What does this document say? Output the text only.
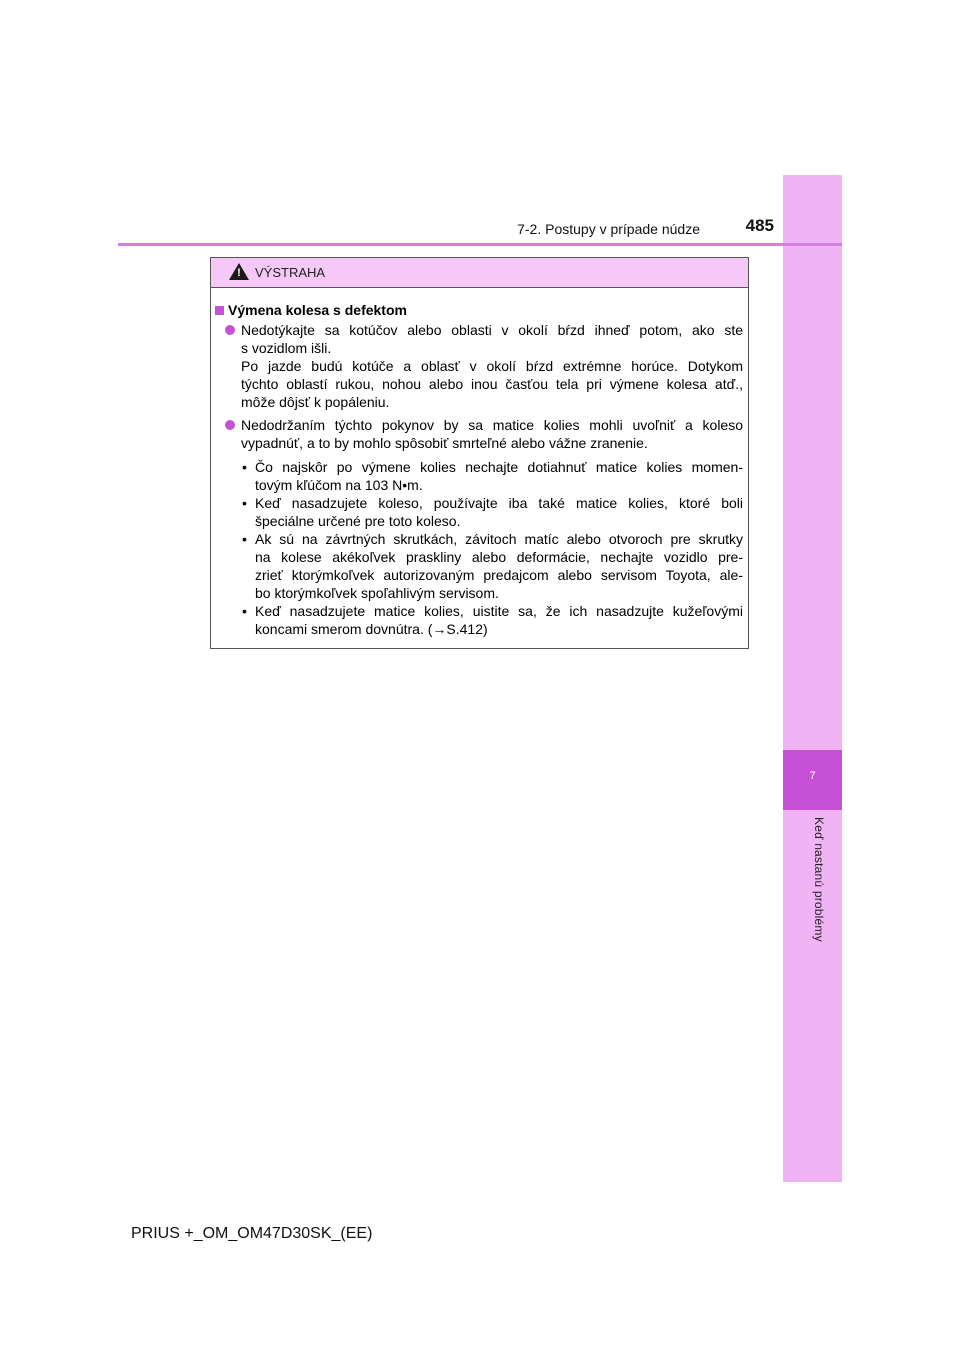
7
Keď nastanú problémy
7-2. Postupy v prípade núdze	485
! VÝSTRAHA
Výmena kolesa s defektom
Nedotýkajte sa kotúčov alebo oblasti v okolí bŕzd ihneď potom, ako ste
s vozidlom išli.
Po jazde budú kotúče a oblasť v okolí bŕzd extrémne horúce. Dotykom
týchto oblastí rukou, nohou alebo inou časťou tela pri výmene kolesa atď.,
môže dôjsť k popáleniu.
Nedodržaním týchto pokynov by sa matice kolies mohli uvoľniť a koleso
vypadnúť, a to by mohlo spôsobiť smrteľné alebo vážne zranenie.
• Čo najskôr po výmene kolies nechajte dotiahnuť matice kolies momen-
tovým kľúčom na 103 N•m.
• Keď nasadzujete koleso, používajte iba také matice kolies, ktoré boli
špeciálne určené pre toto koleso.
• Ak sú na závrtných skrutkách, závitoch matíc alebo otvoroch pre skrutky
na kolese akékoľvek praskliny alebo deformácie, nechajte vozidlo pre-
zrieť ktorýmkoľvek autorizovaným predajcom alebo servisom Toyota, ale-
bo ktorýmkoľvek spoľahlivým servisom.
• Keď nasadzujete matice kolies, uistite sa, že ich nasadzujte kužeľovými
koncami smerom dovnútra. (→S.412)
PRIUS +_OM_OM47D30SK_(EE)
